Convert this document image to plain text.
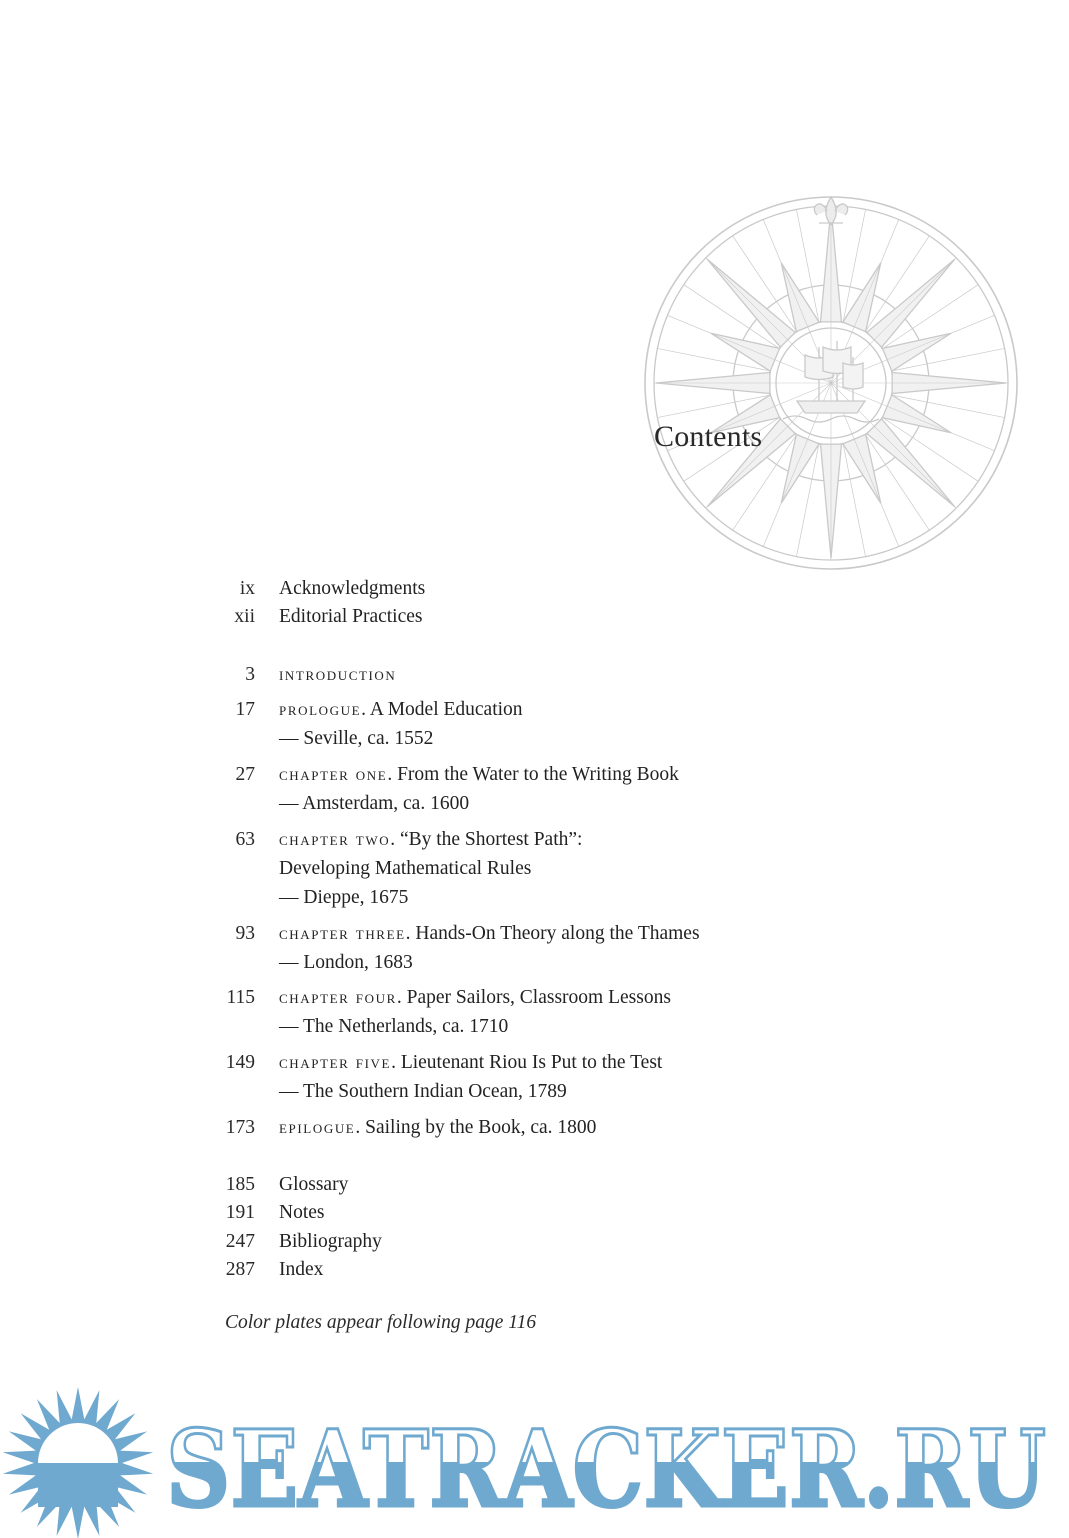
Contents
ix Acknowledgments
xii Editorial Practices
3 introduction
17 prologue. A Model Education
— Seville, ca. 1552
27 chapter one. From the Water to the Writing Book
— Amsterdam, ca. 1600
63 chapter two. “By the Shortest Path”:
Developing Mathematical Rules
— Dieppe, 1675
93 chapter three. Hands-On Theory along the Thames
— London, 1683
115 chapter four. Paper Sailors, Classroom Lessons
— The Netherlands, ca. 1710
149 chapter five. Lieutenant Riou Is Put to the Test
— The Southern Indian Ocean, 1789
173 epilogue. Sailing by the Book, ca. 1800
185 Glossary
191 Notes
247 Bibliography
287 Index
Color plates appear following page 116
SEATRACKER.RU
